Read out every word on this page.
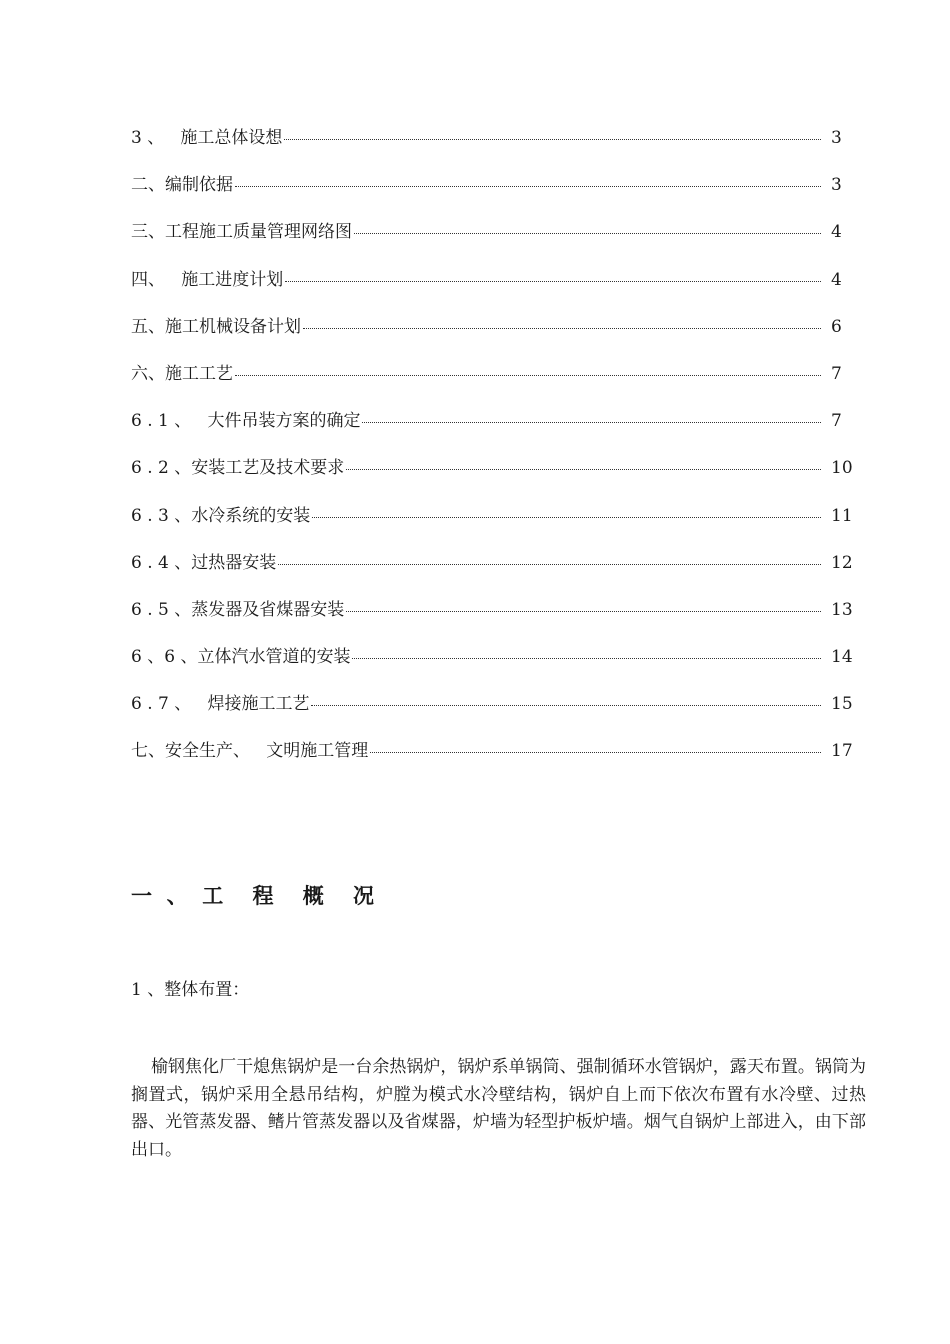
3 、   施工总体设想	3
二、编制依据	3
三、工程施工质量管理网络图	4
四、   施工进度计划	4
五、施工机械设备计划	6
六、施工工艺	7
6 . 1 、   大件吊装方案的确定	7
6 . 2 、安装工艺及技术要求	10
6 . 3 、水冷系统的安装	11
6 . 4 、过热器安装	12
6 . 5 、蒸发器及省煤器安装	13
6 、6 、立体汽水管道的安装	14
6 . 7 、   焊接施工工艺	15
七、安全生产、   文明施工管理	17
一  、  工    程    概    况
1 、整体布置：

榆钢焦化厂干熄焦锅炉是一台余热锅炉，锅炉系单锅筒、强制循环水管锅炉，露天布置。锅筒为搁置式，锅炉采用全悬吊结构，炉膛为模式水冷壁结构，锅炉自上而下依次布置有水冷壁、过热器、光管蒸发器、鳍片管蒸发器以及省煤器，炉墙为轻型护板炉墙。烟气自锅炉上部进入，由下部出口。
